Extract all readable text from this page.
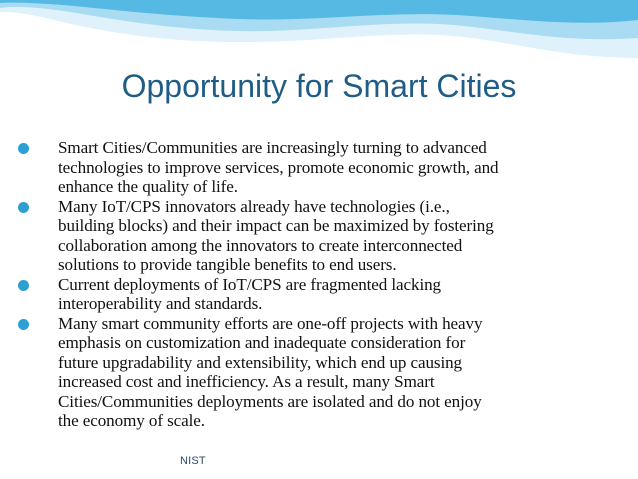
Opportunity for Smart Cities
Smart Cities/Communities are increasingly turning to advanced
technologies to improve services, promote economic growth, and
enhance the quality of life.
Many IoT/CPS innovators already have technologies (i.e.,
building blocks) and their impact can be maximized by fostering
collaboration among the innovators to create interconnected
solutions to provide tangible benefits to end users.
Current deployments of IoT/CPS are fragmented lacking
interoperability and standards.
Many smart community efforts are one-off projects with heavy
emphasis on customization and inadequate consideration for
future upgradability and extensibility, which end up causing
increased cost and inefficiency. As a result, many Smart
Cities/Communities deployments are isolated and do not enjoy
the economy of scale.
NIST
